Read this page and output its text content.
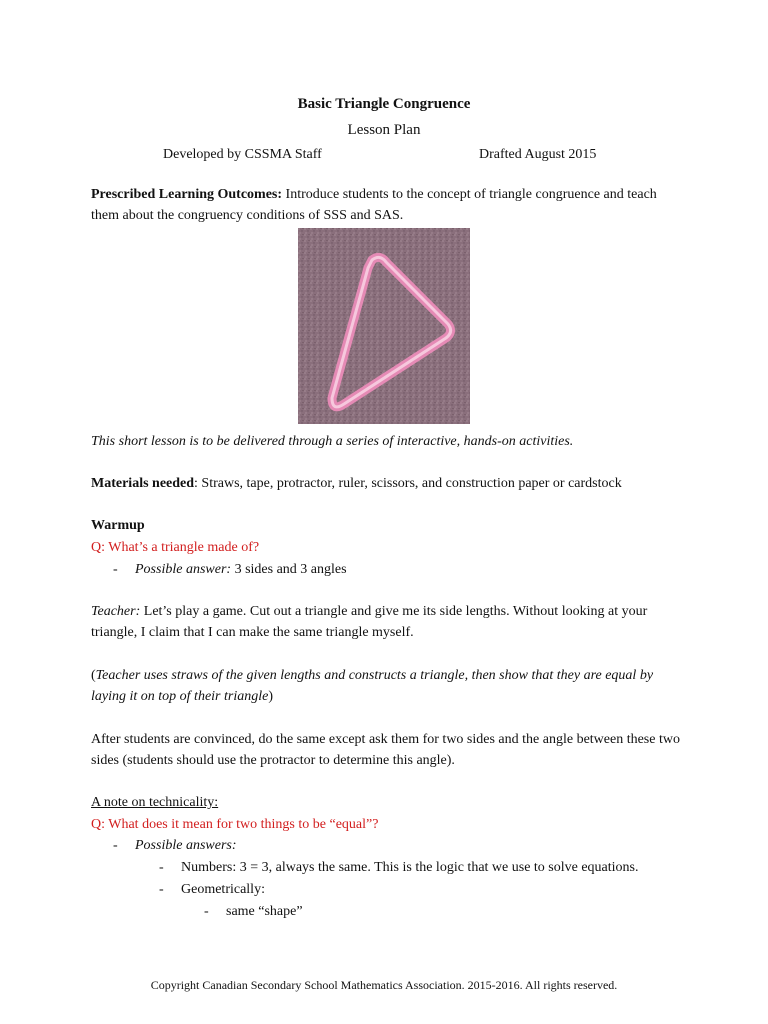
Basic Triangle Congruence
Lesson Plan
Developed by CSSMA Staff	Drafted August 2015
Prescribed Learning Outcomes: Introduce students to the concept of triangle congruence and teach them about the congruency conditions of SSS and SAS.
This short lesson is to be delivered through a series of interactive, hands-on activities.
Materials needed: Straws, tape, protractor, ruler, scissors, and construction paper or cardstock
Warmup
Q: What’s a triangle made of?
- Possible answer: 3 sides and 3 angles
Teacher: Let’s play a game. Cut out a triangle and give me its side lengths. Without looking at your triangle, I claim that I can make the same triangle myself.
(Teacher uses straws of the given lengths and constructs a triangle, then show that they are equal by laying it on top of their triangle)
After students are convinced, do the same except ask them for two sides and the angle between these two sides (students should use the protractor to determine this angle).
A note on technicality:
Q: What does it mean for two things to be “equal”?
- Possible answers:
- Numbers: 3 = 3, always the same. This is the logic that we use to solve equations.
- Geometrically:
- same “shape”
Copyright Canadian Secondary School Mathematics Association. 2015-2016. All rights reserved.
